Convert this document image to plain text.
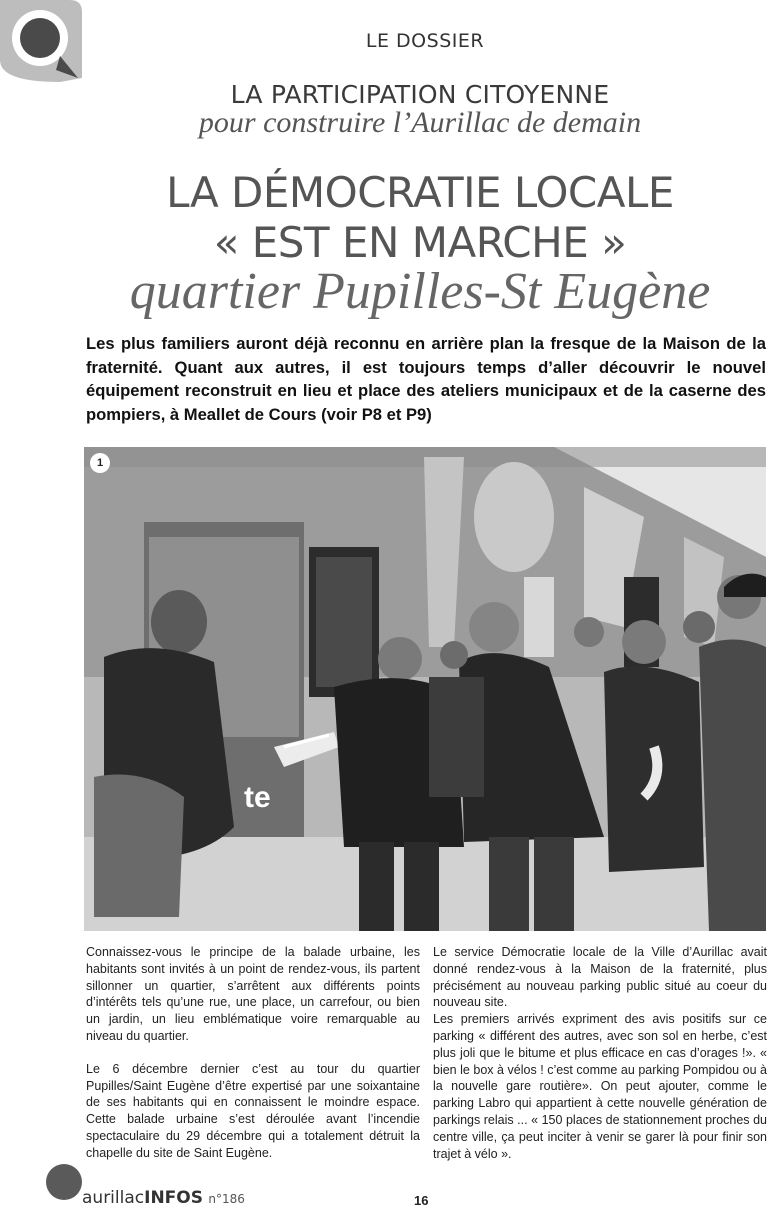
LE DOSSIER
LA PARTICIPATION CITOYENNE
pour construire l’Aurillac de demain
LA DÉMOCRATIE LOCALE
« EST EN MARCHE »
quartier Pupilles-St Eugène
Les plus familiers auront déjà reconnu en arrière plan la fresque de la Maison de la fraternité. Quant aux autres, il est toujours temps d’aller découvrir le nouvel équipement reconstruit en lieu et place des ateliers municipaux et de la caserne des pompiers, à Meallet de Cours (voir P8 et P9)
te
1

Connaissez-vous le principe de la balade urbaine, les habitants sont invités à un point de rendez-vous, ils partent sillonner un quartier, s’arrêtent aux différents points d’intérêts tels qu’une rue, une place, un carrefour, ou bien un jardin, un lieu emblématique voire remarquable au niveau du quartier.

Le 6 décembre dernier c’est au tour du quartier Pupilles/Saint Eugène d’être expertisé par une soixantaine de ses habitants qui en connaissent le moindre espace. Cette balade urbaine s’est déroulée avant l’incendie spectaculaire du 29 décembre qui a totalement détruit la chapelle du site de Saint Eugène.

Le service Démocratie locale de la Ville d’Aurillac avait donné rendez-vous à la Maison de la fraternité, plus précisément au nouveau parking public situé au coeur du nouveau site.

Les premiers arrivés expriment des avis positifs sur ce parking « différent des autres, avec son sol en herbe, c’est plus joli que le bitume et plus efficace en cas d’orages !». « bien le box à vélos ! c’est comme au parking Pompidou ou à la nouvelle gare routière». On peut ajouter, comme le parking Labro qui appartient à cette nouvelle génération de parkings relais ... « 150 places de stationnement proches du centre ville, ça peut inciter à venir se garer là pour finir son trajet à vélo ».

aurillacINFOS n°186	16
